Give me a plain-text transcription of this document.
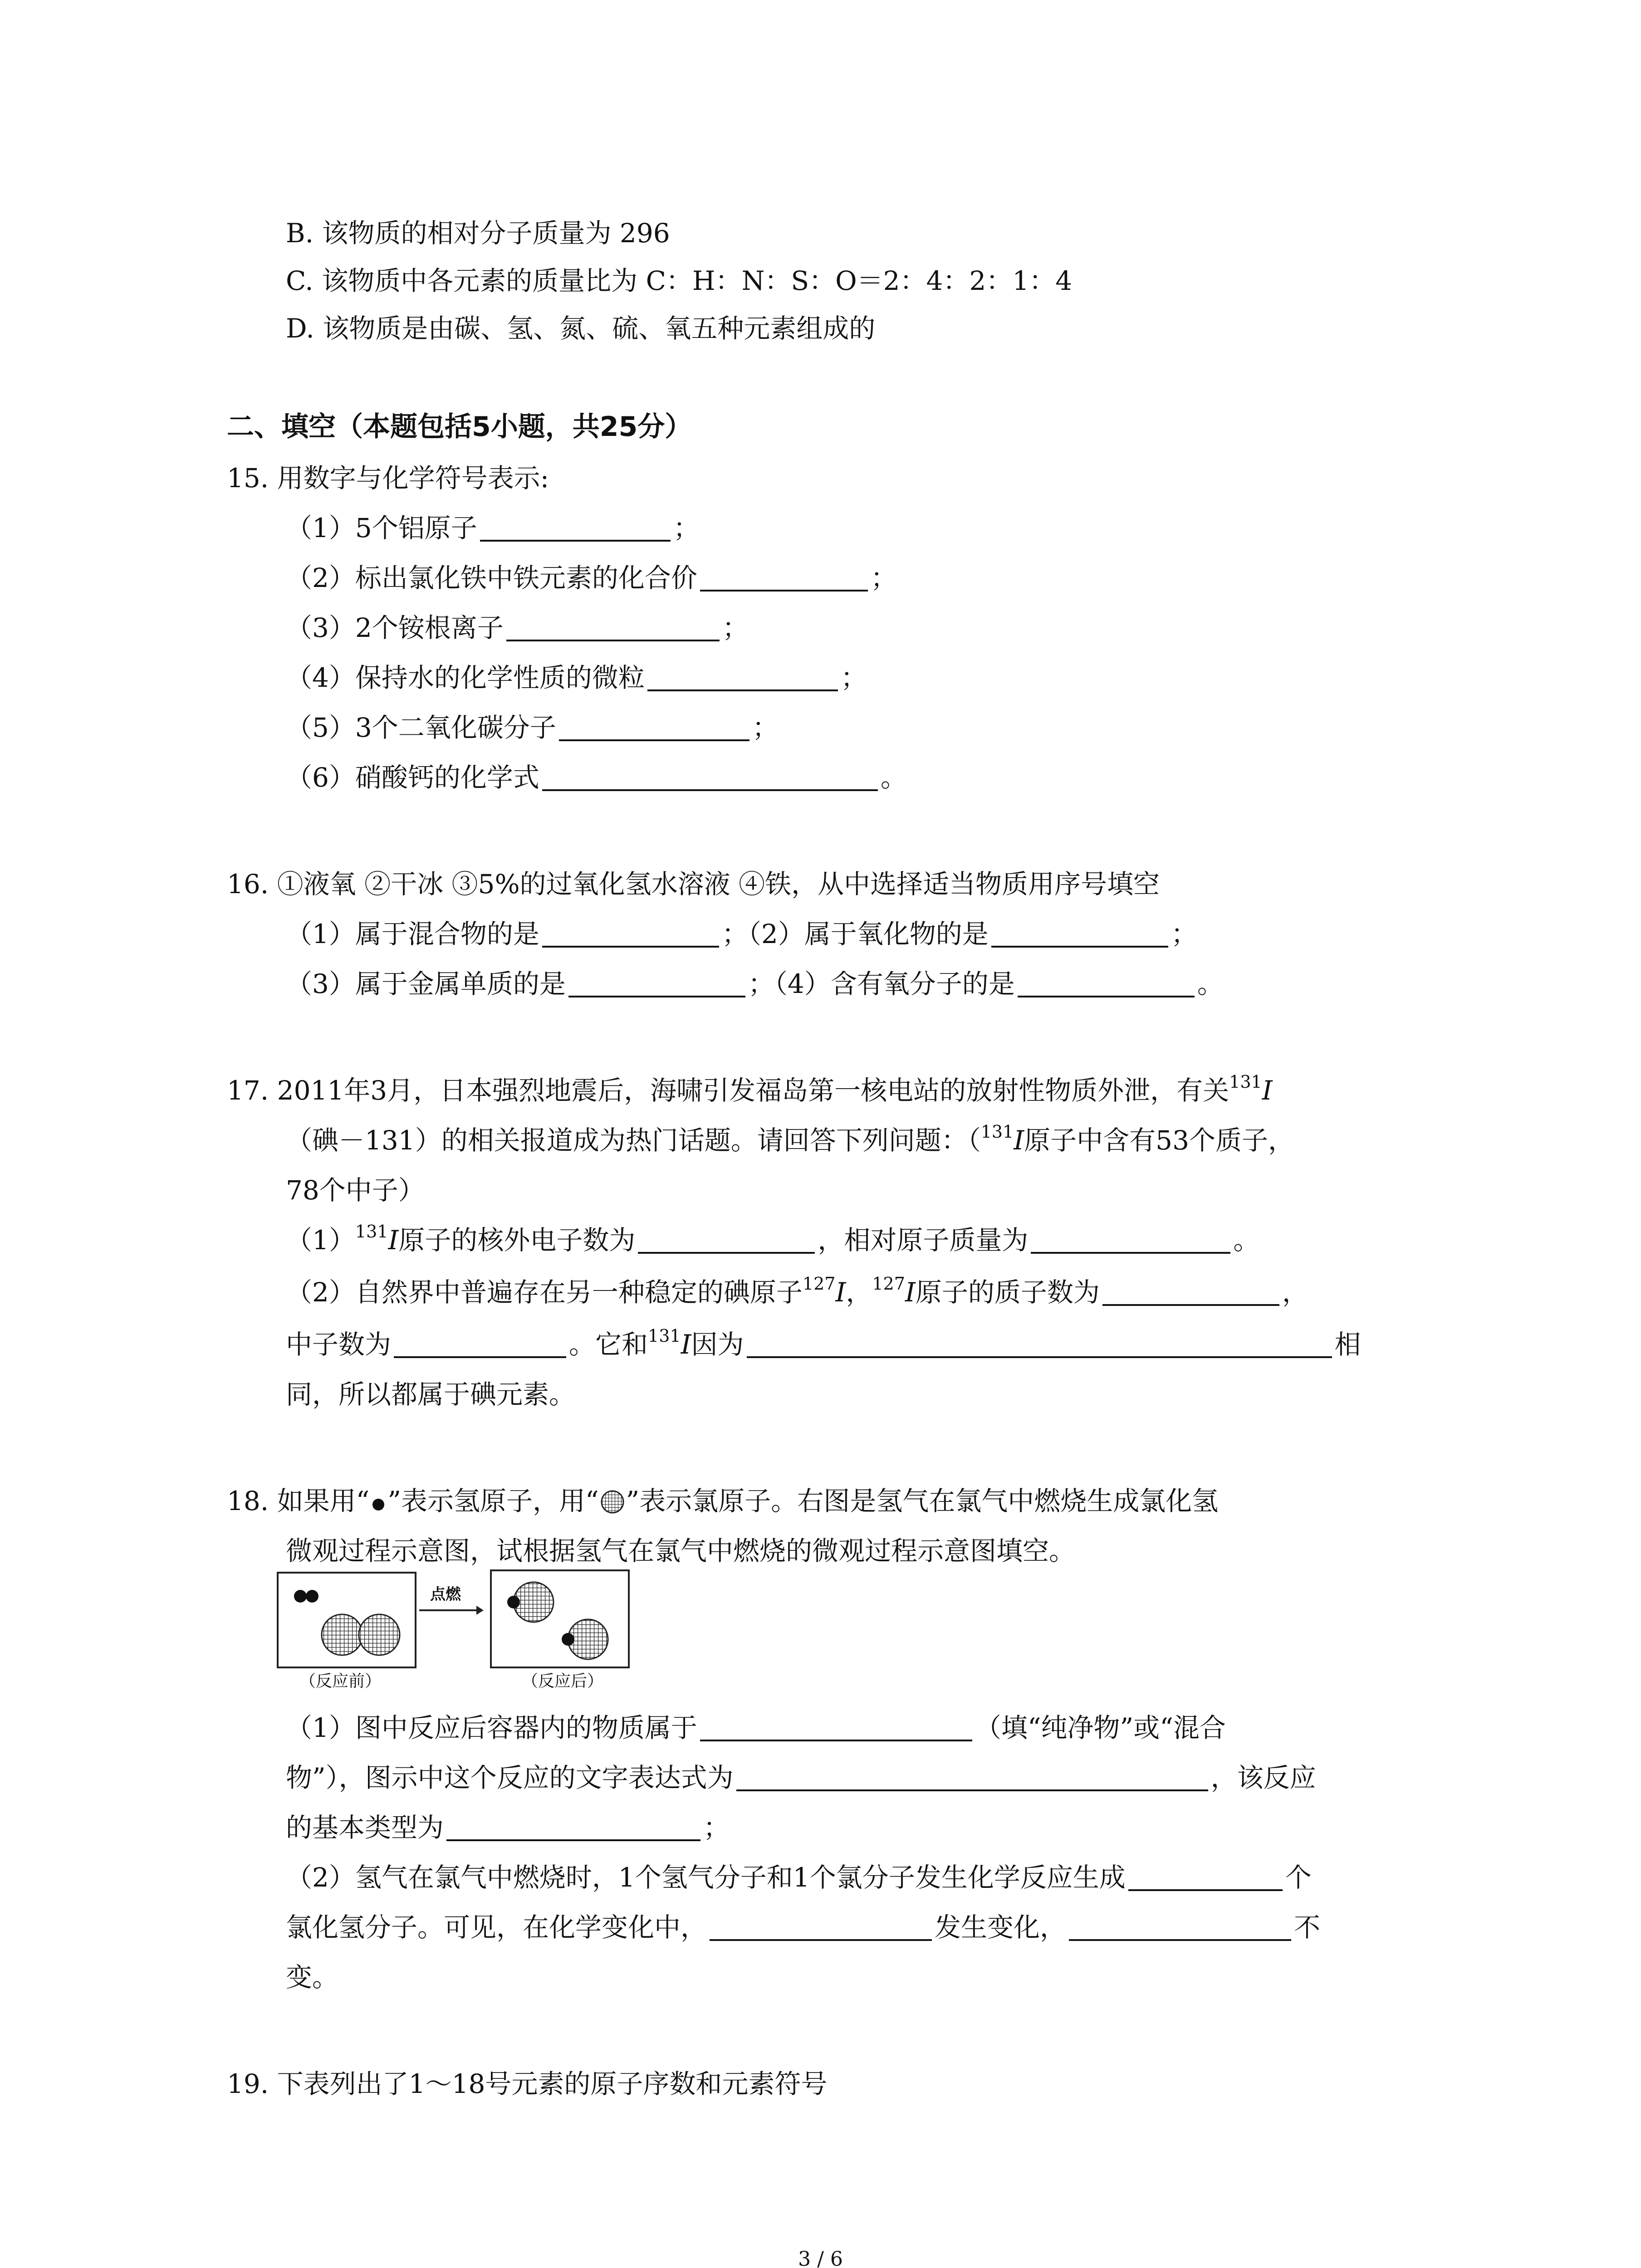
B. 该物质的相对分子质量为 296
C. 该物质中各元素的质量比为 C：H：N：S：O＝2：4：2：1：4
D. 该物质是由碳、氢、氮、硫、氧五种元素组成的
二、填空（本题包括5小题，共25分）
15. 用数字与化学符号表示:
（1）5个铝原子	；
（2）标出氯化铁中铁元素的化合价	；
（3）2个铵根离子	；
（4）保持水的化学性质的微粒	；
（5）3个二氧化碳分子	；
（6）硝酸钙的化学式	。
16. ①液氧 ②干冰 ③5%的过氧化氢水溶液 ④铁，从中选择适当物质用序号填空
（1）属于混合物的是	；（2）属于氧化物的是	；
（3）属于金属单质的是	；（4）含有氧分子的是	。
17. 2011年3月，日本强烈地震后，海啸引发福岛第一核电站的放射性物质外泄，有关$^{131}$I
（碘－131）的相关报道成为热门话题。请回答下列问题：（$^{131}$I原子中含有53个质子，
78个中子）
$(1)^{131}I$原子的核外电子数为	，相对原子质量为	。
（2）自然界中普遍存在另一种稳定的碘原子$^{127}$I，$^{127}$I原子的质子数为	，
中子数为	。它和$^{131}$I因为	相
同，所以都属于碘元素。
18. 如果用“ ”表示氢原子，用“ ”表示氯原子。右图是氢气在氯气中燃烧生成氯化氢
微观过程示意图，试根据氢气在氯气中燃烧的微观过程示意图填空。
点燃
（反应前）	（反应后）
（1）图中反应后容器内的物质属于	（填“纯净物”或“混合
物”），图示中这个反应的文字表达式为	，该反应
的基本类型为	；
（2）氢气在氯气中燃烧时，1个氢气分子和1个氯分子发生化学反应生成	个
氯化氢分子。可见，在化学变化中，	发生变化，	不
变。
19. 下表列出了1～18号元素的原子序数和元素符号
3 / 6
